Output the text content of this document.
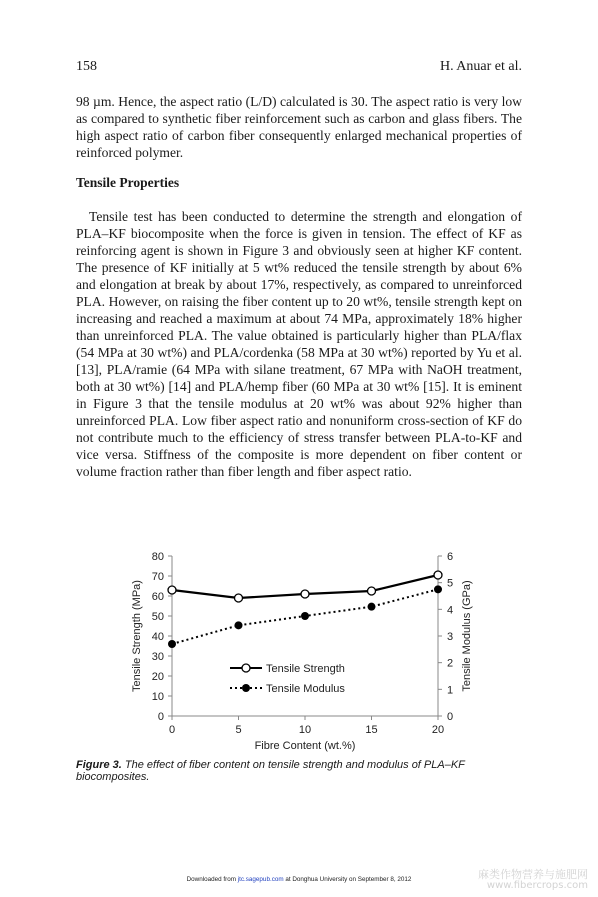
158	H. Anuar et al.

98 µm. Hence, the aspect ratio (L/D) calculated is 30. The aspect ratio is very low as compared to synthetic fiber reinforcement such as carbon and glass fibers. The high aspect ratio of carbon fiber consequently enlarged mechanical properties of reinforced polymer.

Tensile Properties

Tensile test has been conducted to determine the strength and elongation of PLA–KF biocomposite when the force is given in tension. The effect of KF as reinforcing agent is shown in Figure 3 and obviously seen at higher KF content. The presence of KF initially at 5 wt% reduced the tensile strength by about 6% and elongation at break by about 17%, respectively, as compared to unreinforced PLA. However, on raising the fiber content up to 20 wt%, tensile strength kept on increasing and reached a maximum at about 74 MPa, approximately 18% higher than unreinforced PLA. The value obtained is particularly higher than PLA/flax (54 MPa at 30 wt%) and PLA/cordenka (58 MPa at 30 wt%) reported by Yu et al. [13], PLA/ramie (64 MPa with silane treatment, 67 MPa with NaOH treatment, both at 30 wt%) [14] and PLA/hemp fiber (60 MPa at 30 wt% [15]. It is eminent in Figure 3 that the tensile modulus at 20 wt% was about 92% higher than unreinforced PLA. Low fiber aspect ratio and nonuniform cross-section of KF do not contribute much to the efficiency of stress transfer between PLA-to-KF and vice versa. Stiffness of the composite is more dependent on fiber content or volume fraction rather than fiber length and fiber aspect ratio.

0
10
20
30
40
50
60
70
80
0
1
2
3
4
5
6
0	5	10	15	20
Fibre Content (wt.%)
Tensile Strength (MPa)	Tensile Modulus (GPa)
Tensile Strength
Tensile Modulus

Figure 3. The effect of fiber content on tensile strength and modulus of PLA–KF biocomposites.

Downloaded from jtc.sagepub.com at Donghua University on September 8, 2012	麻类作物营养与施肥网
www.fibercrops.com
